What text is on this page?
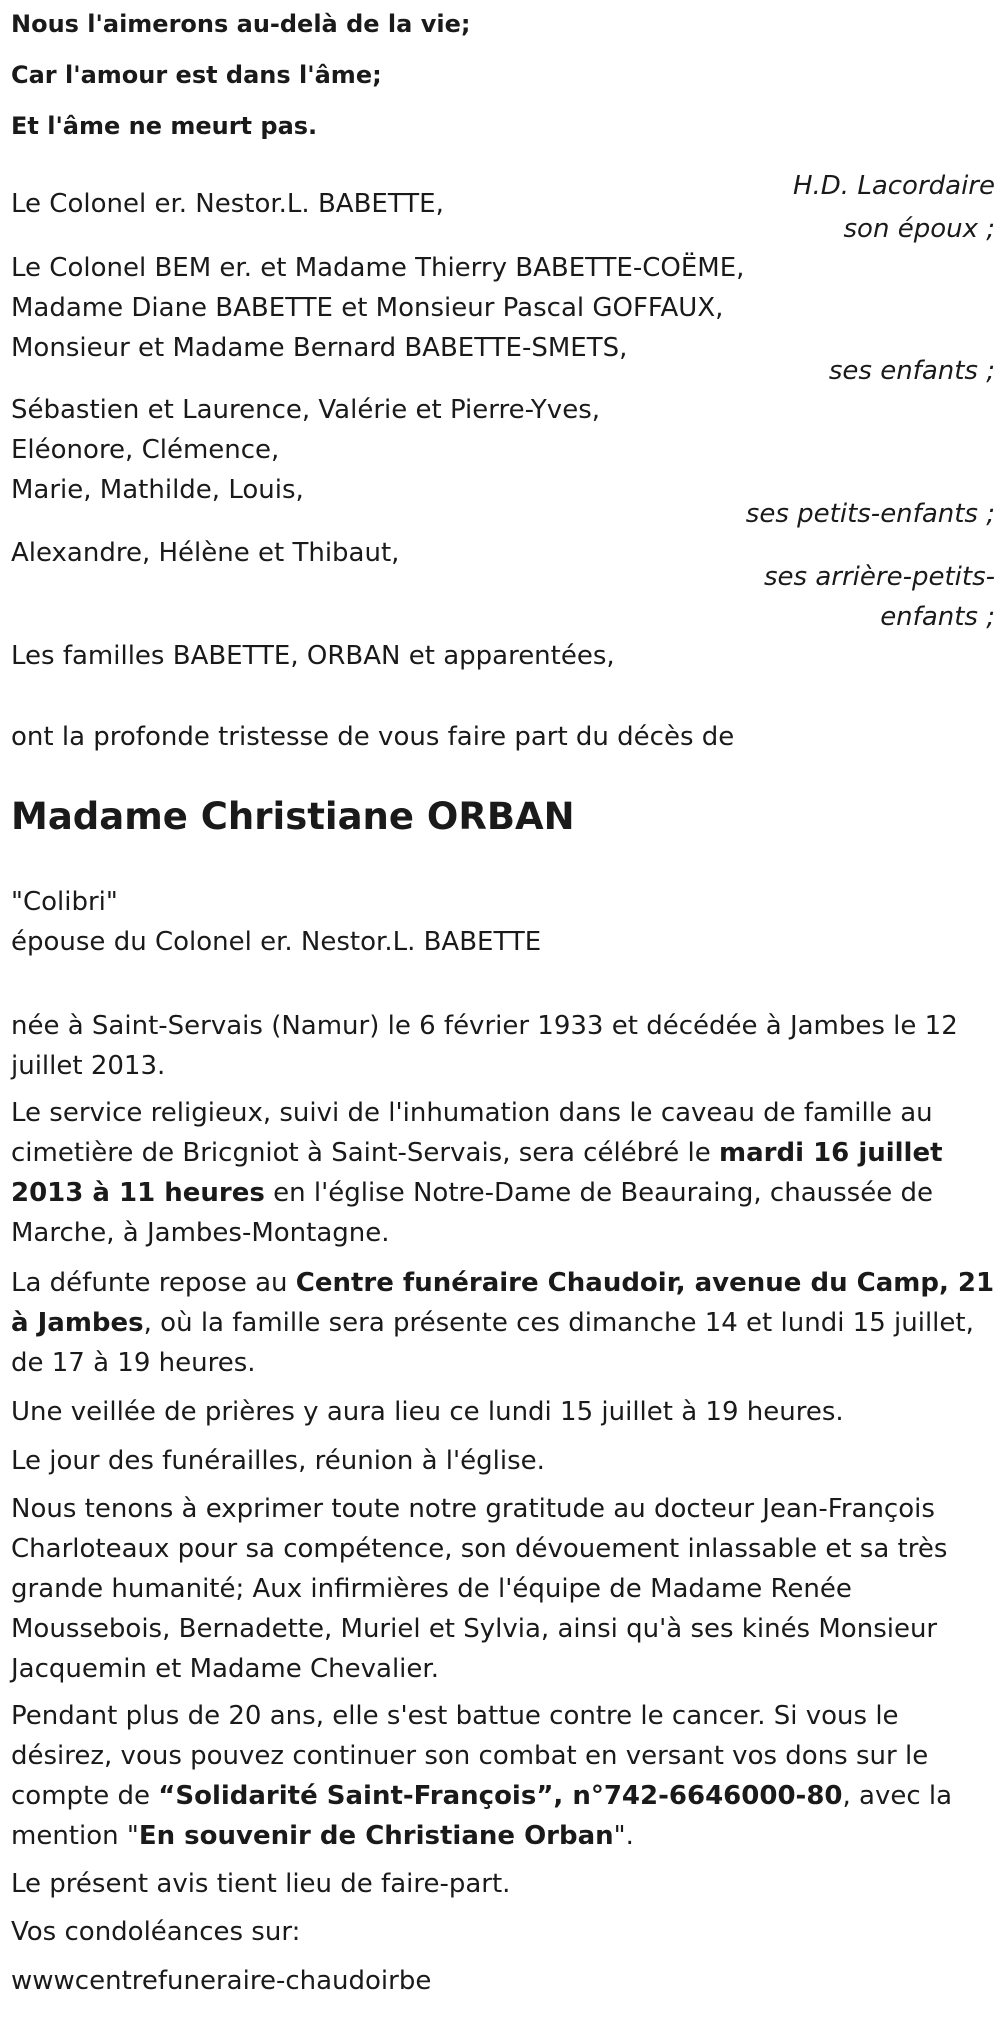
Nous l'aimerons au-delà de la vie;
Car l'amour est dans l'âme;
Et l'âme ne meurt pas.
H.D. Lacordaire
Le Colonel er. Nestor.L. BABETTE,
son époux ;
Le Colonel BEM er. et Madame Thierry BABETTE-COËME,
Madame Diane BABETTE et Monsieur Pascal GOFFAUX,
Monsieur et Madame Bernard BABETTE-SMETS,
ses enfants ;
Sébastien et Laurence, Valérie et Pierre-Yves,
Eléonore, Clémence,
Marie, Mathilde, Louis,
ses petits-enfants ;
Alexandre, Hélène et Thibaut,
ses arrière-petits-
enfants ;
Les familles BABETTE, ORBAN et apparentées,
ont la profonde tristesse de vous faire part du décès de
Madame Christiane ORBAN
"Colibri"
épouse du Colonel er. Nestor.L. BABETTE
née à Saint-Servais (Namur) le 6 février 1933 et décédée à Jambes le 12 juillet 2013.
Le service religieux, suivi de l'inhumation dans le caveau de famille au cimetière de Bricgniot à Saint-Servais, sera célébré le mardi 16 juillet 2013 à 11 heures en l'église Notre-Dame de Beauraing, chaussée de Marche, à Jambes-Montagne.
La défunte repose au Centre funéraire Chaudoir, avenue du Camp, 21 à Jambes, où la famille sera présente ces dimanche 14 et lundi 15 juillet, de 17 à 19 heures.
Une veillée de prières y aura lieu ce lundi 15 juillet à 19 heures.
Le jour des funérailles, réunion à l'église.
Nous tenons à exprimer toute notre gratitude au docteur Jean-François Charloteaux pour sa compétence, son dévouement inlassable et sa très grande humanité; Aux infirmières de l'équipe de Madame Renée Moussebois, Bernadette, Muriel et Sylvia, ainsi qu'à ses kinés Monsieur Jacquemin et Madame Chevalier.
Pendant plus de 20 ans, elle s'est battue contre le cancer. Si vous le désirez, vous pouvez continuer son combat en versant vos dons sur le compte de “Solidarité Saint-François”, n°742-6646000-80, avec la mention "En souvenir de Christiane Orban".
Le présent avis tient lieu de faire-part.
Vos condoléances sur:
wwwcentrefuneraire-chaudoirbe
